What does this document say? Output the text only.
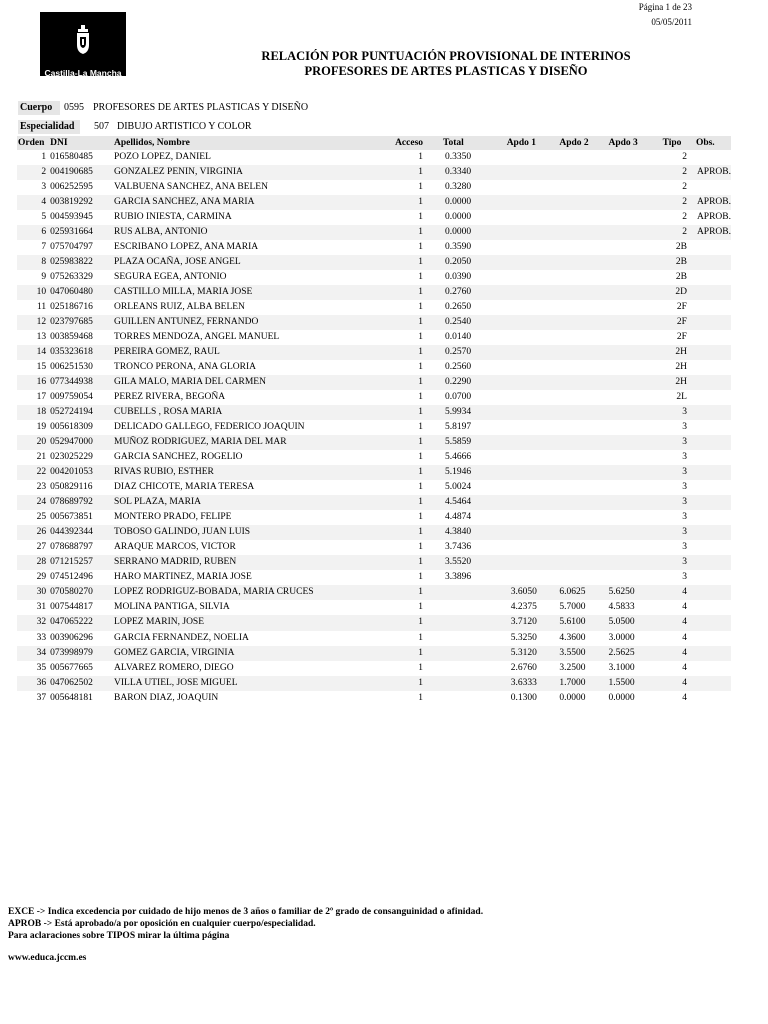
Página 1 de 23
05/05/2011
Castilla-La Mancha
RELACIÓN POR PUNTUACIÓN PROVISIONAL DE INTERINOS
PROFESORES DE ARTES PLASTICAS Y DISEÑO
Cuerpo	0595 PROFESORES DE ARTES PLASTICAS Y DISEÑO
Especialidad	507 DIBUJO ARTISTICO Y COLOR
Orden	DNI	Apellidos, Nombre	Acceso	Total	Apdo 1	Apdo 2	Apdo 3	Tipo	Obs.
1	016580485	POZO LOPEZ, DANIEL	1	0.3350				2	
2	004190685	GONZALEZ PENIN, VIRGINIA	1	0.3340				2	APROB.
3	006252595	VALBUENA SANCHEZ, ANA BELEN	1	0.3280				2	
4	003819292	GARCIA SANCHEZ, ANA MARIA	1	0.0000				2	APROB.
5	004593945	RUBIO INIESTA, CARMINA	1	0.0000				2	APROB.
6	025931664	RUS ALBA, ANTONIO	1	0.0000				2	APROB.
7	075704797	ESCRIBANO LOPEZ, ANA MARIA	1	0.3590				2B	
8	025983822	PLAZA OCAÑA, JOSE ANGEL	1	0.2050				2B	
9	075263329	SEGURA EGEA, ANTONIO	1	0.0390				2B	
10	047060480	CASTILLO MILLA, MARIA JOSE	1	0.2760				2D	
11	025186716	ORLEANS RUIZ, ALBA BELEN	1	0.2650				2F	
12	023797685	GUILLEN ANTUNEZ, FERNANDO	1	0.2540				2F	
13	003859468	TORRES MENDOZA, ANGEL MANUEL	1	0.0140				2F	
14	035323618	PEREIRA GOMEZ, RAUL	1	0.2570				2H	
15	006251530	TRONCO PERONA, ANA GLORIA	1	0.2560				2H	
16	077344938	GILA MALO, MARIA DEL CARMEN	1	0.2290				2H	
17	009759054	PEREZ RIVERA, BEGOÑA	1	0.0700				2L	
18	052724194	CUBELLS , ROSA MARIA	1	5.9934				3	
19	005618309	DELICADO GALLEGO, FEDERICO JOAQUIN	1	5.8197				3	
20	052947000	MUÑOZ RODRIGUEZ, MARIA DEL MAR	1	5.5859				3	
21	023025229	GARCIA SANCHEZ, ROGELIO	1	5.4666				3	
22	004201053	RIVAS RUBIO, ESTHER	1	5.1946				3	
23	050829116	DIAZ CHICOTE, MARIA TERESA	1	5.0024				3	
24	078689792	SOL PLAZA, MARIA	1	4.5464				3	
25	005673851	MONTERO PRADO, FELIPE	1	4.4874				3	
26	044392344	TOBOSO GALINDO, JUAN LUIS	1	4.3840				3	
27	078688797	ARAQUE MARCOS, VICTOR	1	3.7436				3	
28	071215257	SERRANO MADRID, RUBEN	1	3.5520				3	
29	074512496	HARO MARTINEZ, MARIA JOSE	1	3.3896				3	
30	070580270	LOPEZ RODRIGUZ-BOBADA, MARIA CRUCES	1		3.6050	6.0625	5.6250	4	
31	007544817	MOLINA PANTIGA, SILVIA	1		4.2375	5.7000	4.5833	4	
32	047065222	LOPEZ MARIN, JOSE	1		3.7120	5.6100	5.0500	4	
33	003906296	GARCIA FERNANDEZ, NOELIA	1		5.3250	4.3600	3.0000	4	
34	073998979	GOMEZ GARCIA, VIRGINIA	1		5.3120	3.5500	2.5625	4	
35	005677665	ALVAREZ ROMERO, DIEGO	1		2.6760	3.2500	3.1000	4	
36	047062502	VILLA UTIEL, JOSE MIGUEL	1		3.6333	1.7000	1.5500	4	
37	005648181	BARON DIAZ, JOAQUIN	1		0.1300	0.0000	0.0000	4	
EXCE -> Indica excedencia por cuidado de hijo menos de 3 años o familiar de 2º grado de consanguinidad o afinidad.
APROB -> Está aprobado/a por oposición en cualquier cuerpo/especialidad.
Para aclaraciones sobre TIPOS mirar la última página
www.educa.jccm.es
